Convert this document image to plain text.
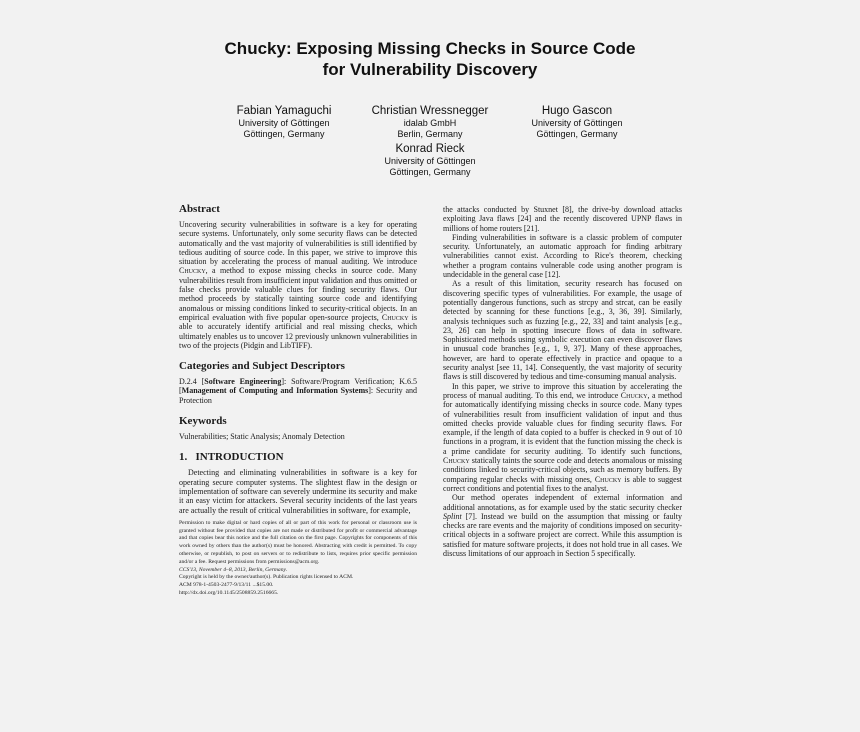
Chucky: Exposing Missing Checks in Source Code
for Vulnerability Discovery
Fabian Yamaguchi
University of Göttingen
Göttingen, Germany
Christian Wressnegger
idalab GmbH
Berlin, Germany
Hugo Gascon
University of Göttingen
Göttingen, Germany
Konrad Rieck
University of Göttingen
Göttingen, Germany
Abstract

Uncovering security vulnerabilities in software is a key for operating secure systems. Unfortunately, only some security flaws can be detected automatically and the vast majority of vulnerabilities is still identified by tedious auditing of source code. In this paper, we strive to improve this situation by accelerating the process of manual auditing. We introduce Chucky, a method to expose missing checks in source code. Many vulnerabilities result from insufficient input validation and thus omitted or false checks provide valuable clues for finding security flaws. Our method proceeds by statically tainting source code and identifying anomalous or missing conditions linked to security-critical objects. In an empirical evaluation with five popular open-source projects, Chucky is able to accurately identify artificial and real missing checks, which ultimately enables us to uncover 12 previously unknown vulnerabilities in two of the projects (Pidgin and LibTIFF).

Categories and Subject Descriptors

D.2.4 [Software Engineering]: Software/Program Verification; K.6.5 [Management of Computing and Information Systems]: Security and Protection

Keywords

Vulnerabilities; Static Analysis; Anomaly Detection

1.   INTRODUCTION

Detecting and eliminating vulnerabilities in software is a key for operating secure computer systems. The slightest flaw in the design or implementation of software can severely undermine its security and make it an easy victim for attackers. Several security incidents of the last years are actually the result of critical vulnerabilities in software, for example,

Permission to make digital or hard copies of all or part of this work for personal or classroom use is granted without fee provided that copies are not made or distributed for profit or commercial advantage and that copies bear this notice and the full citation on the first page. Copyrights for components of this work owned by others than the author(s) must be honored. Abstracting with credit is permitted. To copy otherwise, or republish, to post on servers or to redistribute to lists, requires prior specific permission and/or a fee. Request permissions from permissions@acm.org.
CCS'13, November 4–8, 2013, Berlin, Germany.
Copyright is held by the owner/author(s). Publication rights licensed to ACM.
ACM 978-1-4503-2477-9/13/11 ...$15.00.
http://dx.doi.org/10.1145/2508859.2516665.

the attacks conducted by Stuxnet [8], the drive-by download attacks exploiting Java flaws [24] and the recently discovered UPNP flaws in millions of home routers [21].

Finding vulnerabilities in software is a classic problem of computer security. Unfortunately, an automatic approach for finding arbitrary vulnerabilities cannot exist. According to Rice's theorem, checking whether a program contains vulnerable code using another program is undecidable in the general case [12].

As a result of this limitation, security research has focused on discovering specific types of vulnerabilities. For example, the usage of potentially dangerous functions, such as strcpy and strcat, can be easily detected by scanning for these functions [e.g., 3, 36, 39]. Similarly, analysis techniques such as fuzzing [e.g., 22, 33] and taint analysis [e.g., 23, 26] can help in spotting insecure flows of data in software. Sophisticated methods using symbolic execution can even discover flaws in unusual code branches [e.g., 1, 9, 37]. Many of these approaches, however, are hard to operate effectively in practice and opaque to a security analyst [see 11, 14]. Consequently, the vast majority of security flaws is still discovered by tedious and time-consuming manual analysis.

In this paper, we strive to improve this situation by accelerating the process of manual auditing. To this end, we introduce Chucky, a method for automatically identifying missing checks in source code. Many types of vulnerabilities result from insufficient validation of input and thus omitted checks provide valuable clues for finding security flaws. For example, if the length of data copied to a buffer is checked in 9 out of 10 functions in a program, it is evident that the function missing the check is a prime candidate for security auditing. To identify such functions, Chucky statically taints the source code and detects anomalous or missing conditions linked to security-critical objects, such as memory buffers. By comparing regular checks with missing ones, Chucky is able to suggest correct conditions and potential fixes to the analyst.

Our method operates independent of external information and additional annotations, as for example used by the static security checker Splint [7]. Instead we build on the assumption that missing or faulty checks are rare events and the majority of conditions imposed on security-critical objects in a software project are correct. While this assumption is satisfied for mature software projects, it does not hold true in all cases. We discuss limitations of our approach in Section 5 specifically.
